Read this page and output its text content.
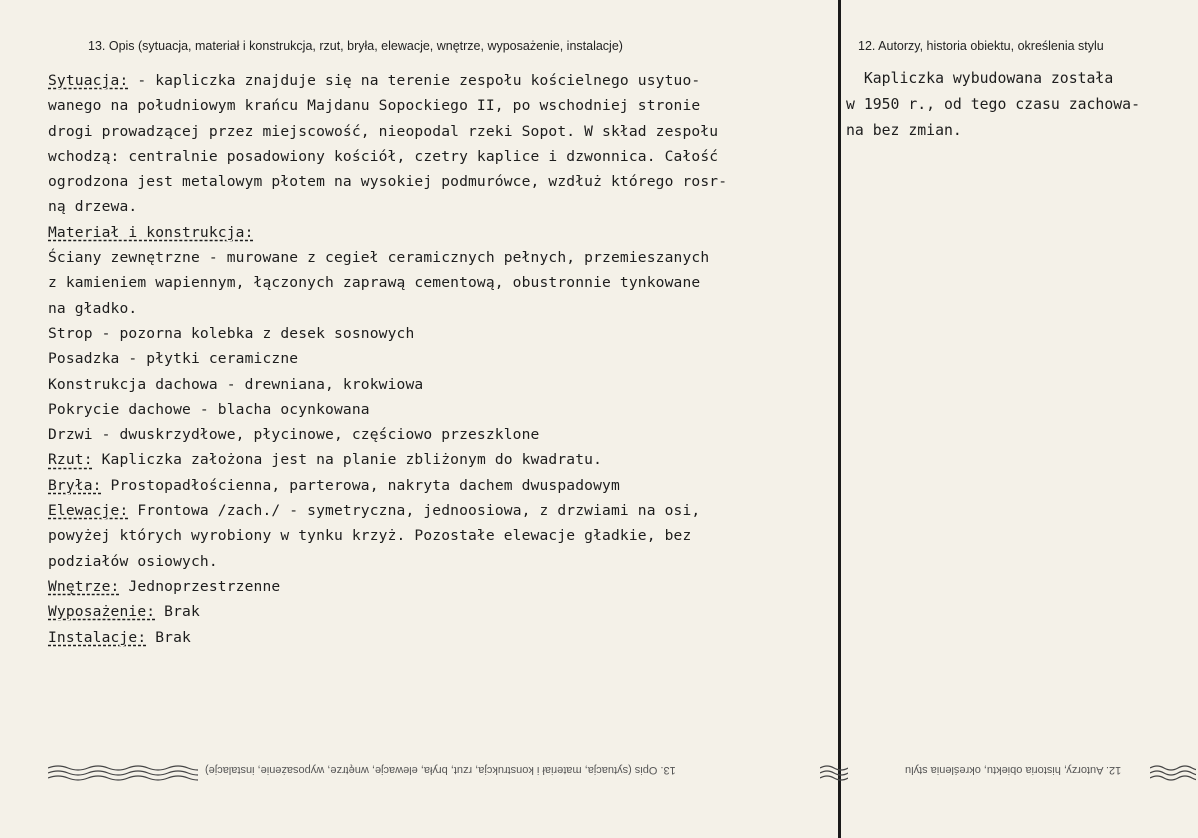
13. Opis (sytuacja, materiał i konstrukcja, rzut, bryła, elewacje, wnętrze, wyposażenie, instalacje)	12. Autorzy, historia obiektu, określenia stylu
Sytuacja: - kapliczka znajduje się na terenie zespołu kościelnego usytuo-
wanego na południowym krańcu Majdanu Sopockiego II, po wschodniej stronie
drogi prowadzącej przez miejscowość, nieopodal rzeki Sopot. W skład zespołu
wchodzą: centralnie posadowiony kościół, czetry kaplice i dzwonnica. Całość
ogrodzona jest metalowym płotem na wysokiej podmurówce, wzdłuż którego rosr-
ną drzewa.
Materiał i konstrukcja:
Ściany zewnętrzne - murowane z cegieł ceramicznych pełnych, przemieszanych
z kamieniem wapiennym, łączonych zaprawą cementową, obustronnie tynkowane
na gładko.
Strop - pozorna kolebka z desek sosnowych
Posadzka - płytki ceramiczne
Konstrukcja dachowa - drewniana, krokwiowa
Pokrycie dachowe - blacha ocynkowana
Drzwi - dwuskrzydłowe, płycinowe, częściowo przeszklone
Rzut: Kapliczka założona jest na planie zbliżonym do kwadratu.
Bryła: Prostopadłościenna, parterowa, nakryta dachem dwuspadowym
Elewacje: Frontowa /zach./ - symetryczna, jednoosiowa, z drzwiami na osi,
powyżej których wyrobiony w tynku krzyż. Pozostałe elewacje gładkie, bez
podziałów osiowych.
Wnętrze: Jednoprzestrzenne
Wyposażenie: Brak
Instalacje: Brak
Kapliczka wybudowana została
w 1950 r., od tego czasu zachowa-
na bez zmian.
13. Opis (sytuacja, materiał i konstrukcja, rzut, bryła, elewacje, wnętrze, wyposażenie, instalacje)	12. Autorzy, historia obiektu, określenia stylu
